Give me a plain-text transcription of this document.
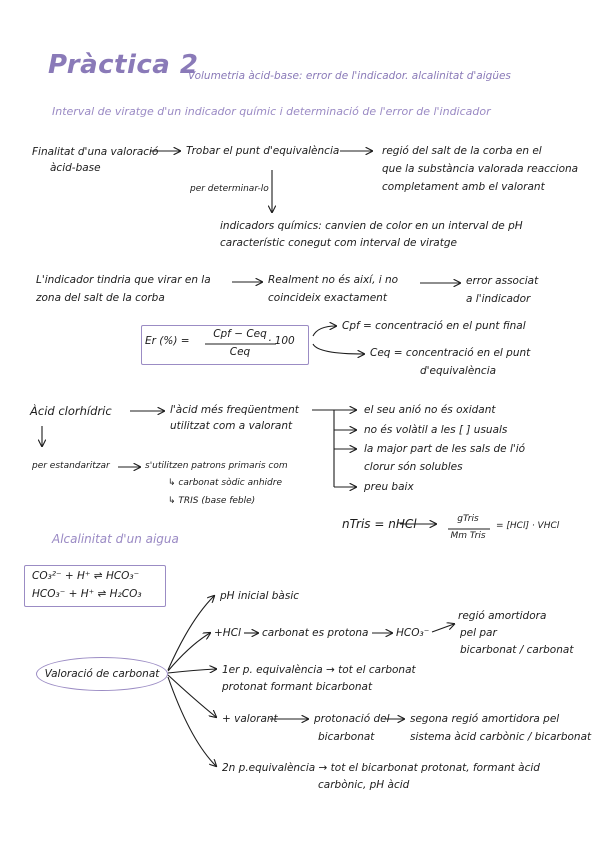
Pràctica 2
Volumetria àcid-base: error de l'indicador. alcalinitat d'aigües
Interval de viratge d'un indicador químic i determinació de l'error de l'indicador
Finalitat d'una valoració
àcid-base
Trobar el punt d'equivalència	regió del salt de la corba en el
que la substància valorada reacciona
completament amb el valorant
per determinar-lo
indicadors químics: canvien de color en un interval de pH
característic conegut com interval de viratge
L'indicador tindria que virar en la
zona del salt de la corba
Realment no és així, i no
coincideix exactament
error associat
a l'indicador
Er (%) =
Cpf − Ceq
Ceq
· 100
Cpf = concentració en el punt final
Ceq = concentració en el punt
d'equivalència
Àcid clorhídric	l'àcid més freqüentment
utilitzat com a valorant
el seu anió no és oxidant
no és volàtil a les [ ] usuals
la major part de les sals de l'ió
clorur són solubles
preu baix
per estandaritzar	s'utilitzen patrons primaris com
↳ carbonat sòdic anhidre
↳ TRIS (base feble)
nTris = nHCl	gTris
Mm Tris
= [HCl] · VHCl
Alcalinitat d'un aigua
CO₃²⁻ + H⁺ ⇌ HCO₃⁻
HCO₃⁻ + H⁺ ⇌ H₂CO₃
Valoració de carbonat
pH inicial bàsic
+HCl carbonat es protona	HCO₃⁻
regió amortidora
pel par
bicarbonat / carbonat
1er p. equivalència → tot el carbonat
protonat formant bicarbonat
+ valorant	protonació del
bicarbonat
segona regió amortidora pel
sistema àcid carbònic / bicarbonat
2n p.equivalència → tot el bicarbonat protonat, formant àcid
carbònic, pH àcid
